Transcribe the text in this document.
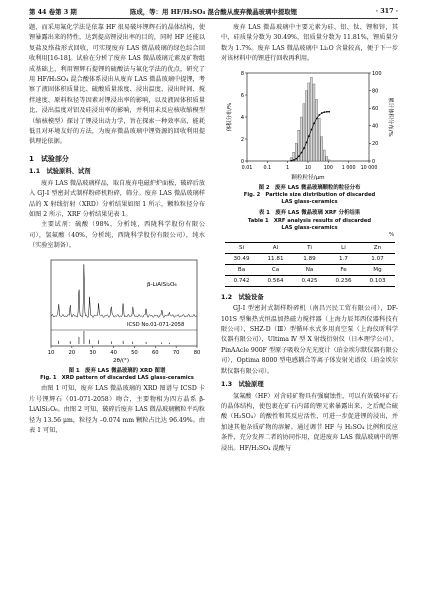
第 44 卷第 3 期	陈成，等：用 HF/H₂SO₄ 混合酸从废弃微晶玻璃中提取锂	· 317 ·

题，而采用氟化学法是依靠 HF 很易破坏锂辉石的晶体结构，使锂暴露出来的特性，达到提高锂浸出率的目的，同时 HF 还能以复盐及络盐形式回收，可实现废弃 LAS 微晶玻璃的绿色综合回收利用[16-18]。试验在分析了废弃 LAS 微晶玻璃元素及矿物组成基础上，利用锂辉石提锂的硫酸法与氟化学法的优点，研究了用 HF/H₂SO₄ 混合酸体系浸出从废弃 LAS 微晶玻璃中提锂，考察了液固体积质量比、硫酸质量浓度、浸出温度、浸出时间、搅拌速度、原料粒径等因素对锂浸出率的影响，以及液固体积质量比、浸出温度对铝及硅浸出率的影响，并利用未反应核收缩模型（缩核模型）探讨了锂浸出动力学，旨在探索一种效率高、能耗低且对环境友好的方法，为废弃微晶玻璃中锂资源的回收利用提供理论依据。

1　试验部分
1.1　试验原料、试剂

废弃 LAS 微晶玻璃样品，取自废弃电磁炉炉面板，破碎后放入 GJ-Ⅰ 型密封式制样粉碎机粉碎，筛分。废弃 LAS 微晶玻璃样品的 X 射线衍射（XRD）分析结果如图 1 所示，颗粒粒径分布如图 2 所示，XRF 分析结果见表 1。

主要试剂：硫酸（98%，分析纯，西陇科学股份有限公司），氢氟酸（40%，分析纯，西陇科学股份有限公司），纯水（实验室制备）。

β-LiAlSi₂O₆
ICSD No.01-071-2058
10	20	30	40	50	60	70	80
2θ/(°)
图 1　废弃 LAS 微晶玻璃的 XRD 图谱
Fig. 1　XRD pattern of discarded LAS glass-ceramics

由图 1 可知，废弃 LAS 微晶玻璃的 XRD 图谱与 ICSD 卡片号锂辉石（01-071-2058）吻合，主要物相为四方晶系 β-LiAlSi₂O₆。由图 2 可知，破碎后废弃 LAS 微晶玻璃颗粒平均粒径为 13.56 μm，粒径为 –0.074 mm 颗粒占比达 96.49%。由表 1 可知，

废弃 LAS 微晶玻璃中主要元素为硅、铝、钛、锂和锌，其中，硅质量分数为 30.49%，铝质量分数为 11.81%，锂质量分数为 1.7%。废弃 LAS 微晶玻璃中 Li₂O 含量较高，便于下一步对该材料中的锂进行回收再利用。

0.01 0.1	1	10	100 1 000 10 000
0
2
4
6
8
0
20
40
60
80
100
体积分布/%	累计体积分布/%
颗粒粒径/μm
图 2　废弃 LAS 微晶玻璃颗粒的粒径分布
Fig. 2　Particle size distribution of discarded
LAS glass-ceramics
表 1　废弃 LAS 微晶玻璃 XRF 分析结果
Table 1　XRF analysis results of discarded
LAS glass-ceramics
%
Si	Al	Ti	Li	Zn
30.49	11.81	1.89	1.7	1.07
Ba	Ca	Na	Fe	Mg
0.742	0.564	0.425	0.236	0.103
1.2　试验设备

GJ-Ⅰ 型密封式制样粉碎机（南昌兴民工贸有限公司），DF-101S 型集热式恒温加热磁力搅拌器（上海力辰邦西仪器科技有限公司），SHZ-D（Ⅲ）型循环水式多用真空泵（上海仪昕科学仪器有限公司），Ultima Ⅳ 型 X 射线衍射仪（日本理学公司），PinAAcle 900F 型原子吸收分光光度计（珀金埃尔默仪器有限公司），Optima 8000 型电感耦合等离子体发射光谱仪（珀金埃尔默仪器有限公司）。

1.3　试验原理

氢氟酸（HF）对含硅矿物具有强腐蚀性，可以有效破坏矿石的晶体结构，使包裹在矿石内部的锂元素暴露出来，之后配合硫酸（H₂SO₄）的酸性和其反应活性，可进一步促进锂的浸出，并加速其他杂质矿物的溶解。通过调节 HF 与 H₂SO₄ 比例和反应条件，充分发挥二者的协同作用，促进废弃 LAS 微晶玻璃中的锂浸出。HF/H₂SO₄ 混酸与
